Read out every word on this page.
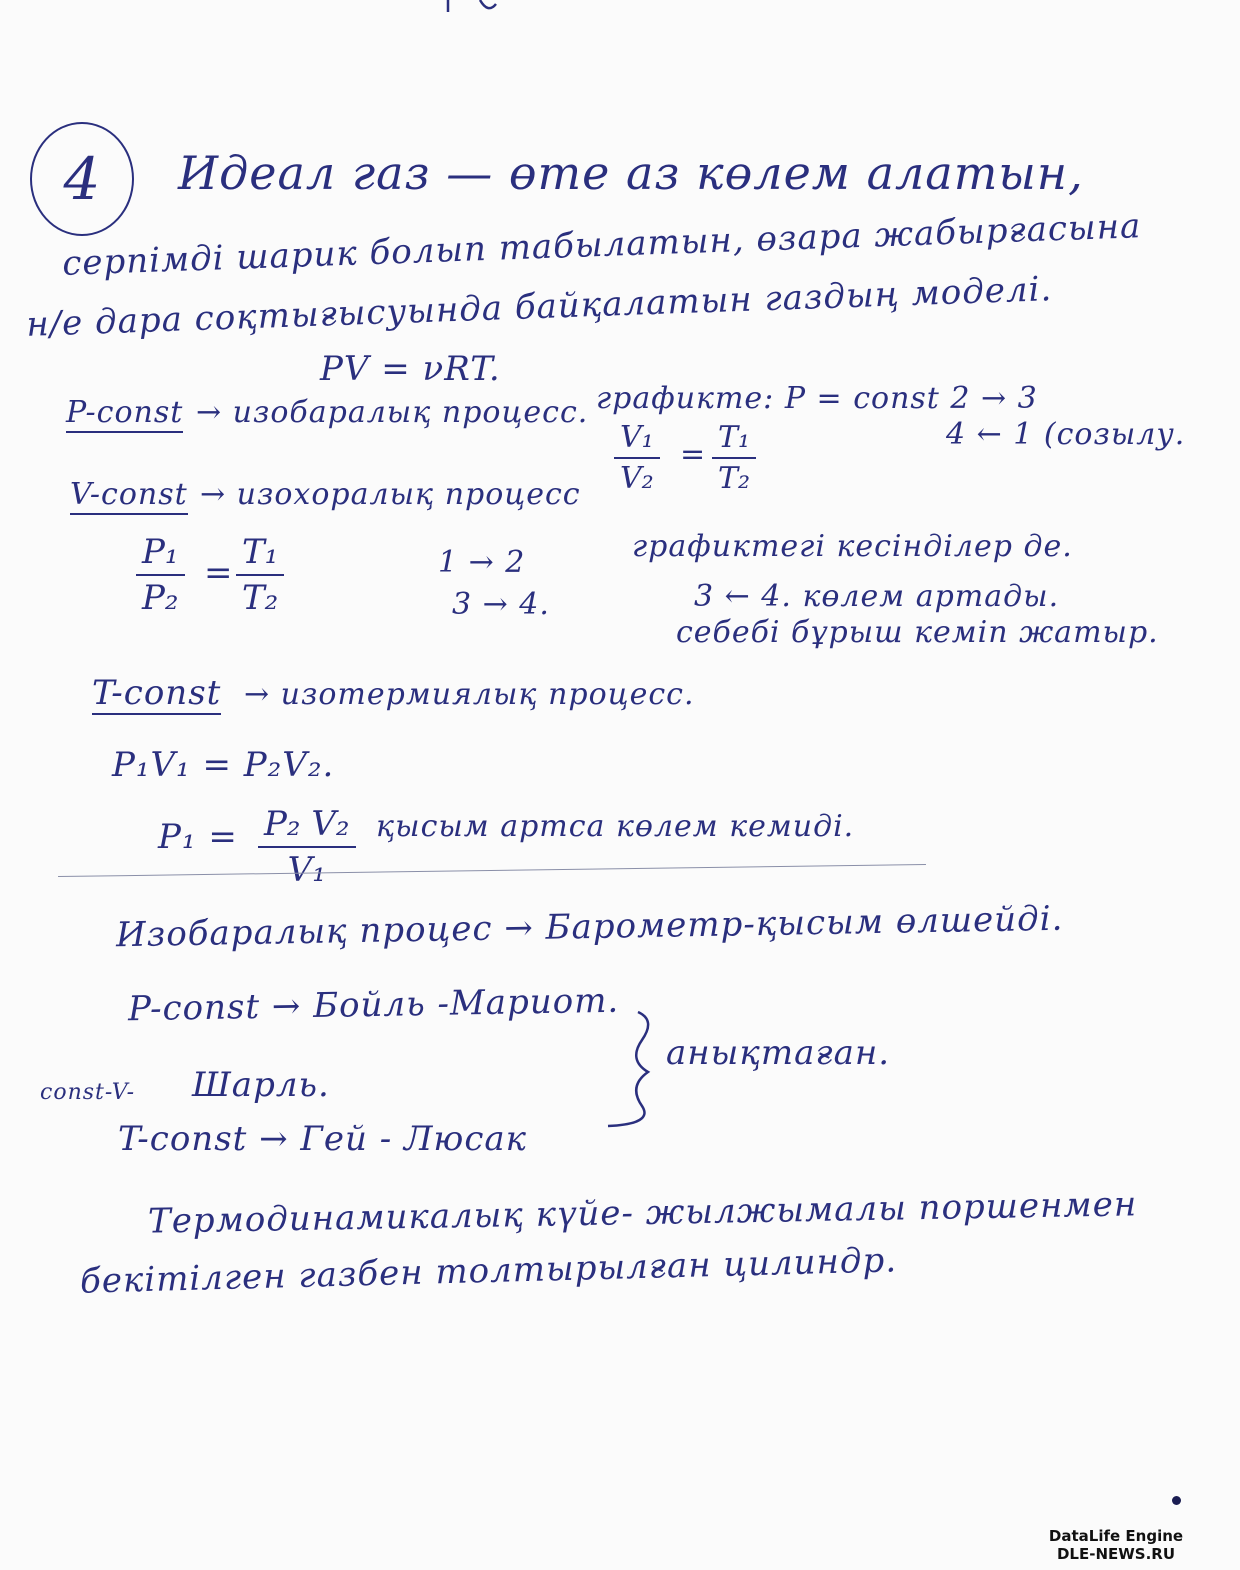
4 Идеал газ — өте аз көлем алатын,
серпімді шарик болып табылатын, өзара жабырғасына
н/е дара соқтығысуында байқалатын газдың моделі.
PV = νRT.
P-const → изобаралық процесс. графикте: P = const 2 → 3
4 ← 1 (созылу.
$\frac{\text{V₁}}{\text{V₂}} = \frac{\text{T₁}}{\text{T₂}}$
V-const → изохоралық процесс
$\frac{\text{P₁}}{\text{P₂}} = \frac{\text{T₁}}{\text{T₂}}$	1 → 2
3 → 4.
графиктегі кесінділер де.
3 ← 4. көлем артады.
себебі бұрыш кеміп жатыр.
T-const → изотермиялық процесс.
P₁V₁ = P₂V₂.
$P_1 = \frac{\text{P₂ V₂}}{\text{V₁}}$ қысым артса көлем кемиді.
Изобаралық процес → Барометр-қысым өлшейді.
P-const → Бойль -Мариот.
const-V- Шарль.
T-const → Гей - Люсак
анықтаған.
Термодинамикалық күйе- жылжымалы поршенмен
бекітілген газбен толтырылған цилиндр.
DataLife Engine
DLE-NEWS.RU
